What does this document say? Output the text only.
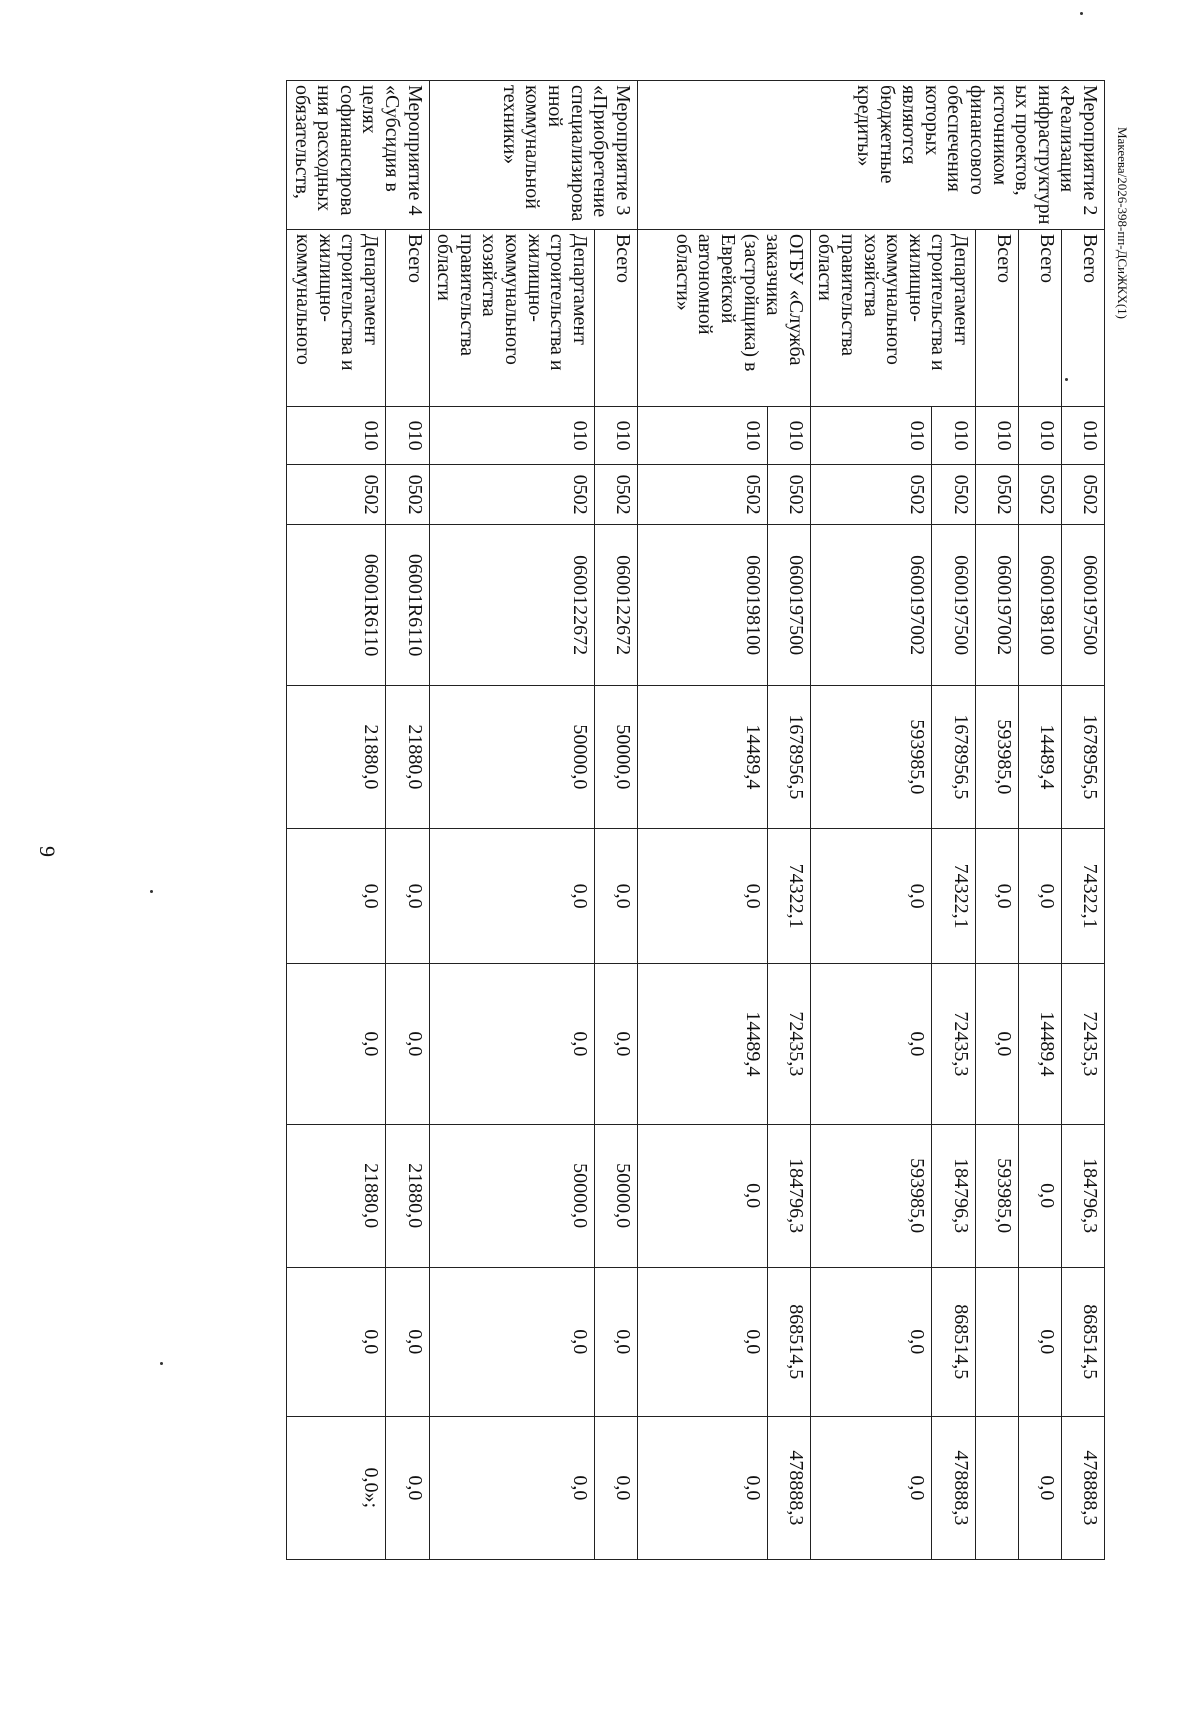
9
Макеева/2026-398-пп-ДСиЖКХ(1)
Мероприятие 2 «Реализация инфраструктурных проектов, источником финансового обеспечения которых являются бюджетные кредиты»	Всего	010	0502	0600197500	1678956,5	74322,1	72435,3	184796,3	868514,5	478888,3
	Всего	010	0502	0600198100	14489,4	0,0	14489,4	0,0	0,0	0,0
	Всего	010	0502	0600197002	593985,0	0,0	0,0	593985,0		
	Департамент строительства и жилищно-коммунального хозяйства правительства области	010	0502	0600197500	1678956,5	74322,1	72435,3	184796,3	868514,5	478888,3
		010	0502	0600197002	593985,0	0,0	0,0	593985,0	0,0	0,0
	ОГБУ «Служба заказчика (застройщика) в Еврейской автономной области»	010	0502	0600197500	1678956,5	74322,1	72435,3	184796,3	868514,5	478888,3
		010	0502	0600198100	14489,4	0,0	14489,4	0,0	0,0	0,0
Мероприятие 3 «Приобретение специализированной коммунальной техники»	Всего	010	0502	0600122672	50000,0	0,0	0,0	50000,0	0,0	0,0
	Департамент строительства и жилищно-коммунального хозяйства правительства области	010	0502	0600122672	50000,0	0,0	0,0	50000,0	0,0	0,0
Мероприятие 4 «Субсидия в целях софинансирования расходных обязательств,	Всего	010	0502	06001R6110	21880,0	0,0	0,0	21880,0	0,0	0,0
	Департамент строительства и жилищно-коммунального	010	0502	06001R6110	21880,0	0,0	0,0	21880,0	0,0	0,0»;
